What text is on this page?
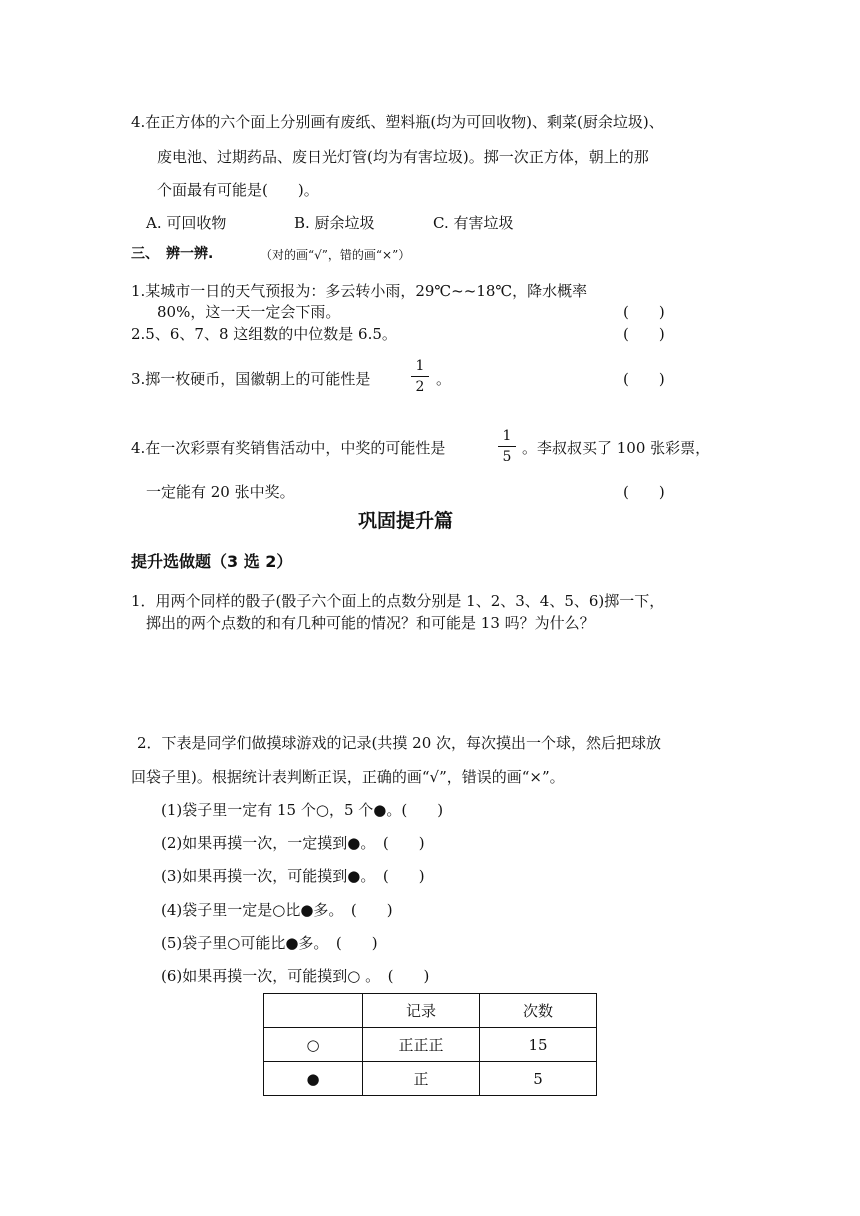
4.在正方体的六个面上分别画有废纸、塑料瓶(均为可回收物)、剩菜(厨余垃圾)、
废电池、过期药品、废日光灯管(均为有害垃圾)。掷一次正方体，朝上的那
个面最有可能是(　　)。
A. 可回收物	B. 厨余垃圾	C. 有害垃圾
三、　辨一辨.	（对的画“√”，错的画“×”）
1.某城市一日的天气预报为：多云转小雨，29℃~~18℃，降水概率
80%，这一天一定会下雨。	(　　)
2.5、6、7、8 这组数的中位数是 6.5。	(　　)
3.掷一枚硬币，国徽朝上的可能性是
1
2 。	(　　)
4.在一次彩票有奖销售活动中，中奖的可能性是
1
5 。李叔叔买了 100 张彩票，
一定能有 20 张中奖。	(　　)
巩固提升篇
提升选做题（3 选 2）
1．用两个同样的骰子(骰子六个面上的点数分别是 1、2、3、4、5、6)掷一下，
掷出的两个点数的和有几种可能的情况？和可能是 13 吗？为什么？
2．下表是同学们做摸球游戏的记录(共摸 20 次，每次摸出一个球，然后把球放
回袋子里)。根据统计表判断正误，正确的画“√”，错误的画“×”。
(1)袋子里一定有 15 个○，5 个●。(　　)
(2)如果再摸一次，一定摸到●。　(　　)
(3)如果再摸一次，可能摸到●。　(　　)
(4)袋子里一定是○比●多。　(　　)
(5)袋子里○可能比●多。　(　　)
(6)如果再摸一次，可能摸到○ 。　(　　)
	记录	次数
○	正正正	15
●	正	5
